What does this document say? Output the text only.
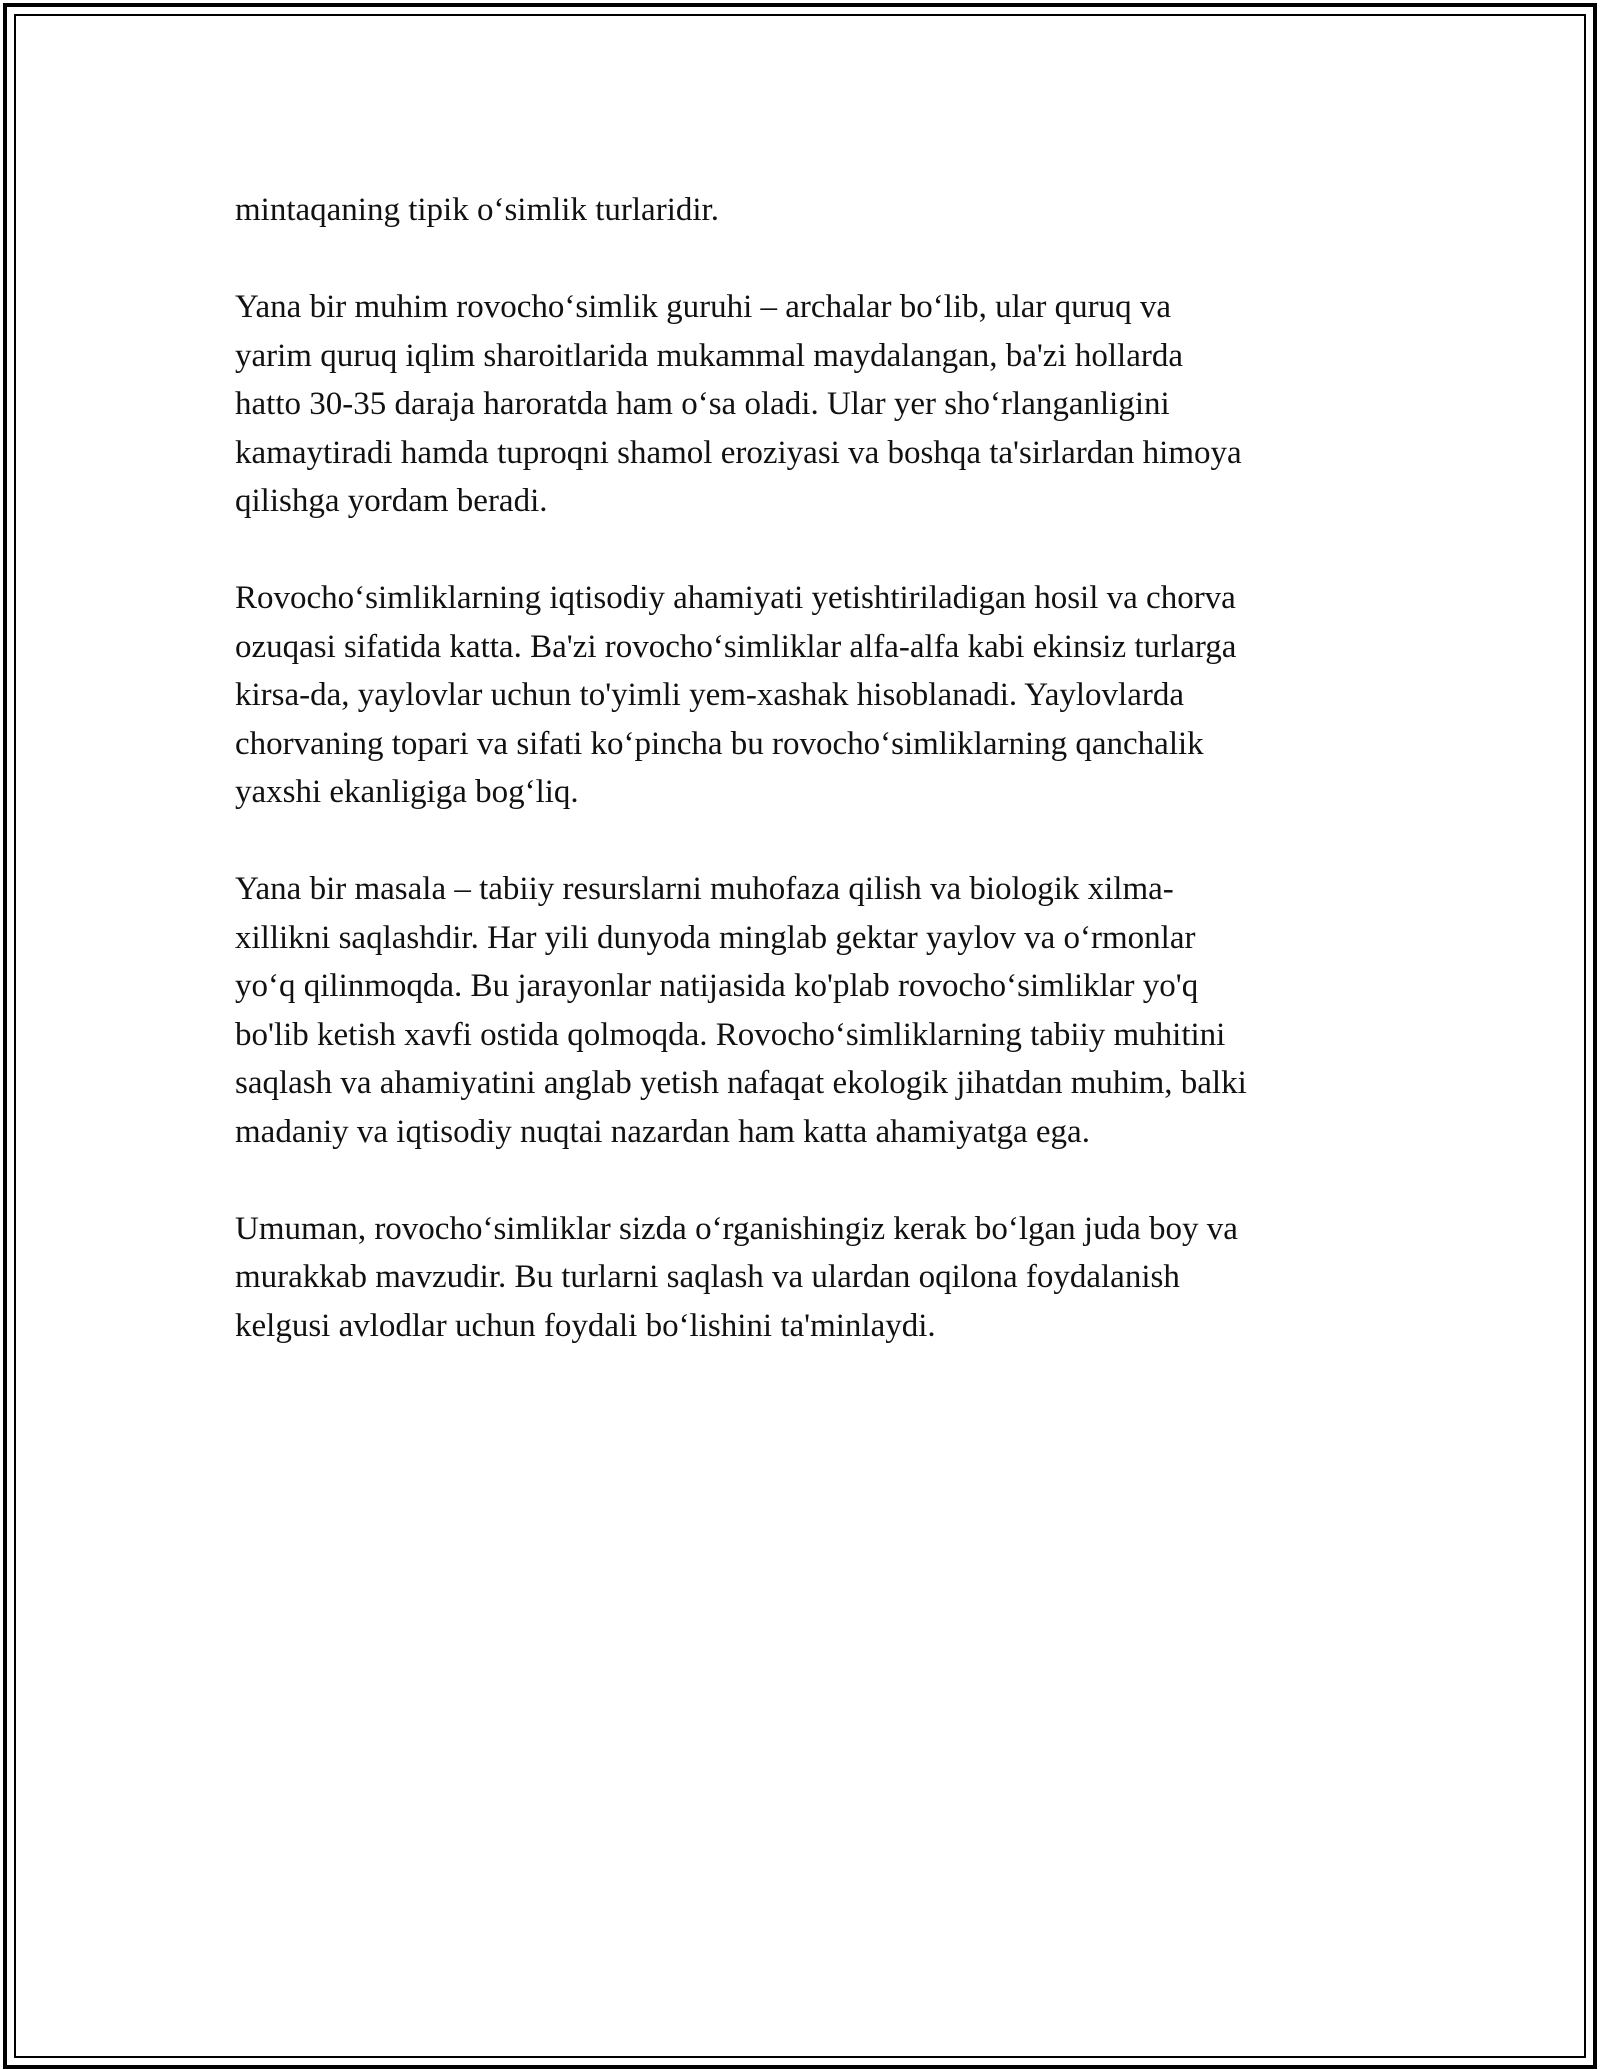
mintaqaning tipik o‘simlik turlaridir.

Yana bir muhim rovocho‘simlik guruhi – archalar bo‘lib, ular quruq va
yarim quruq iqlim sharoitlarida mukammal maydalangan, ba'zi hollarda
hatto 30-35 daraja haroratda ham o‘sa oladi. Ular yer sho‘rlanganligini
kamaytiradi hamda tuproqni shamol eroziyasi va boshqa ta'sirlardan himoya
qilishga yordam beradi.

Rovocho‘simliklarning iqtisodiy ahamiyati yetishtiriladigan hosil va chorva
ozuqasi sifatida katta. Ba'zi rovocho‘simliklar alfa-alfa kabi ekinsiz turlarga
kirsa-da, yaylovlar uchun to'yimli yem-xashak hisoblanadi. Yaylovlarda
chorvaning topari va sifati ko‘pincha bu rovocho‘simliklarning qanchalik
yaxshi ekanligiga bog‘liq.

Yana bir masala – tabiiy resurslarni muhofaza qilish va biologik xilma-
xillikni saqlashdir. Har yili dunyoda minglab gektar yaylov va o‘rmonlar
yo‘q qilinmoqda. Bu jarayonlar natijasida ko'plab rovocho‘simliklar yo'q
bo'lib ketish xavfi ostida qolmoqda. Rovocho‘simliklarning tabiiy muhitini
saqlash va ahamiyatini anglab yetish nafaqat ekologik jihatdan muhim, balki
madaniy va iqtisodiy nuqtai nazardan ham katta ahamiyatga ega.

Umuman, rovocho‘simliklar sizda o‘rganishingiz kerak bo‘lgan juda boy va
murakkab mavzudir. Bu turlarni saqlash va ulardan oqilona foydalanish
kelgusi avlodlar uchun foydali bo‘lishini ta'minlaydi.
